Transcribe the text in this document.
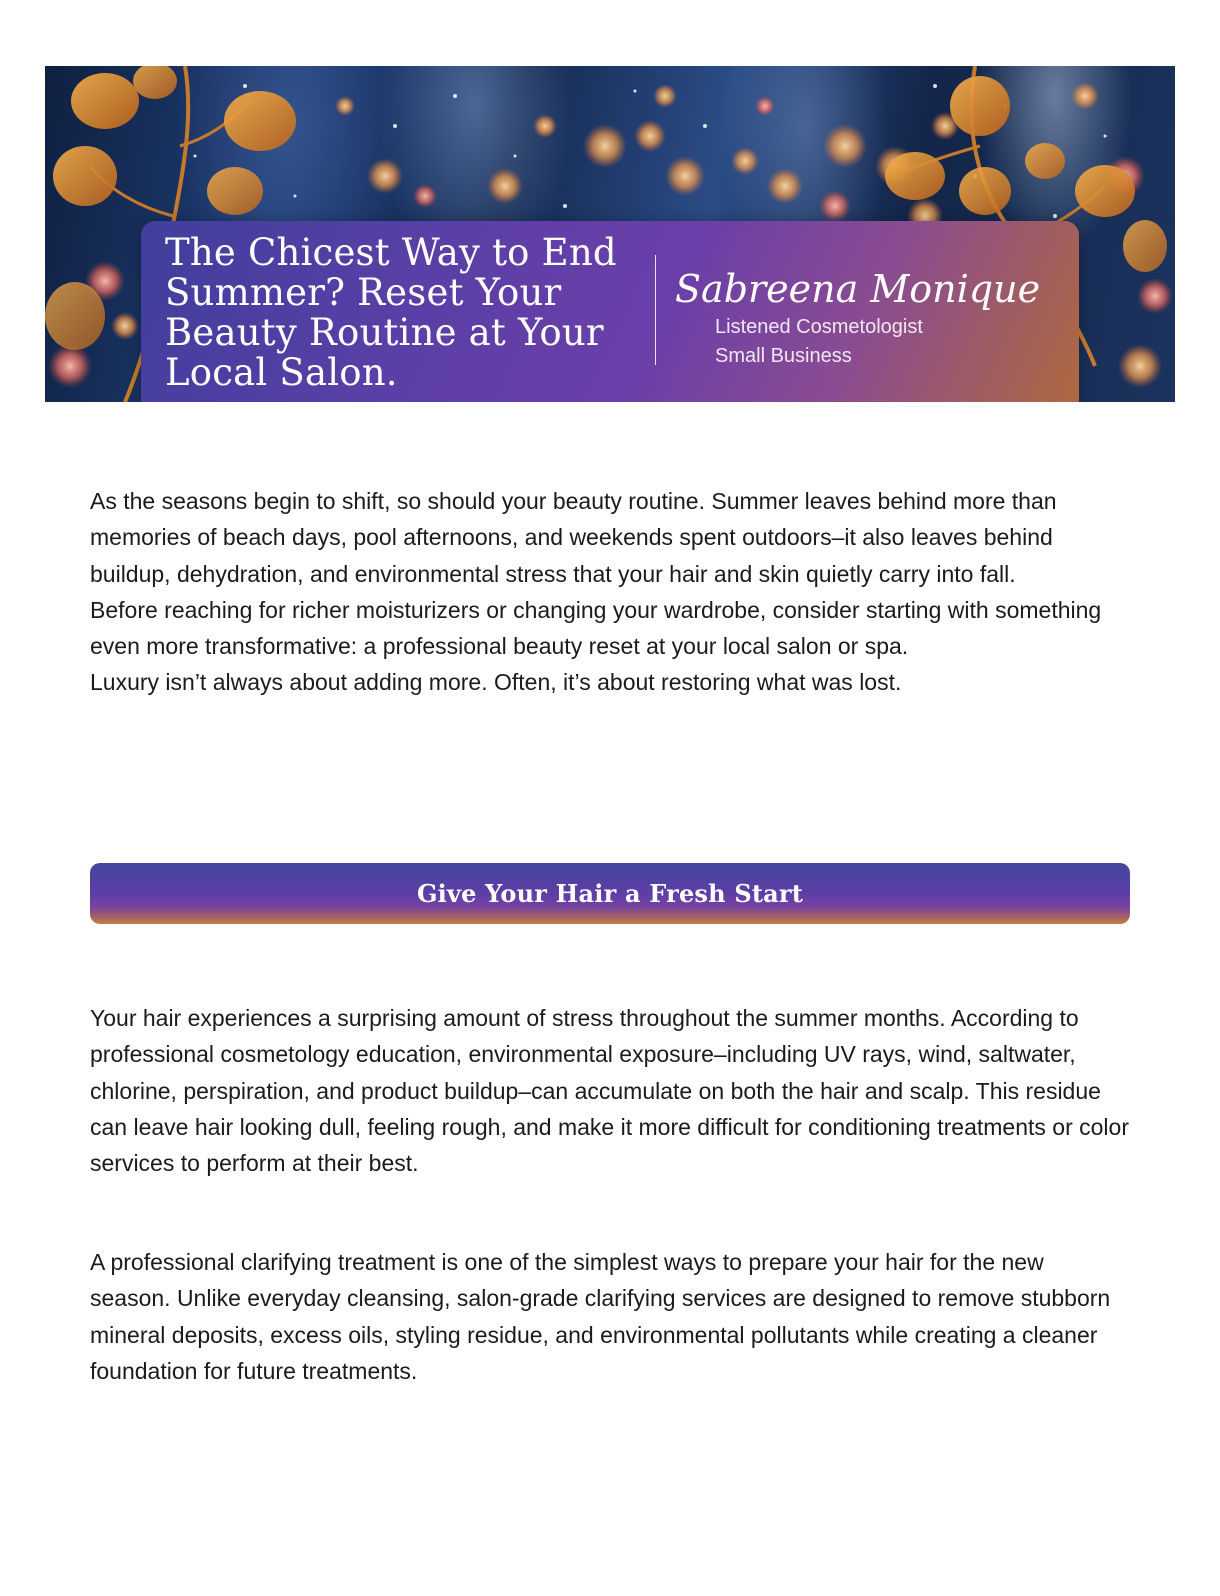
The Chicest Way to End Summer? Reset Your Beauty Routine at Your Local Salon.
Sabreena Monique
Listened Cosmetologist
Small Business
As the seasons begin to shift, so should your beauty routine. Summer leaves behind more than memories of beach days, pool afternoons, and weekends spent outdoors–it also leaves behind buildup, dehydration, and environmental stress that your hair and skin quietly carry into fall.
Before reaching for richer moisturizers or changing your wardrobe, consider starting with something even more transformative: a professional beauty reset at your local salon or spa.
Luxury isn’t always about adding more. Often, it’s about restoring what was lost.
Give Your Hair a Fresh Start

Your hair experiences a surprising amount of stress throughout the summer months. According to professional cosmetology education, environmental exposure–including UV rays, wind, saltwater, chlorine, perspiration, and product buildup–can accumulate on both the hair and scalp. This residue can leave hair looking dull, feeling rough, and make it more difficult for conditioning treatments or color services to perform at their best.

A professional clarifying treatment is one of the simplest ways to prepare your hair for the new season. Unlike everyday cleansing, salon-grade clarifying services are designed to remove stubborn mineral deposits, excess oils, styling residue, and environmental pollutants while creating a cleaner foundation for future treatments.
